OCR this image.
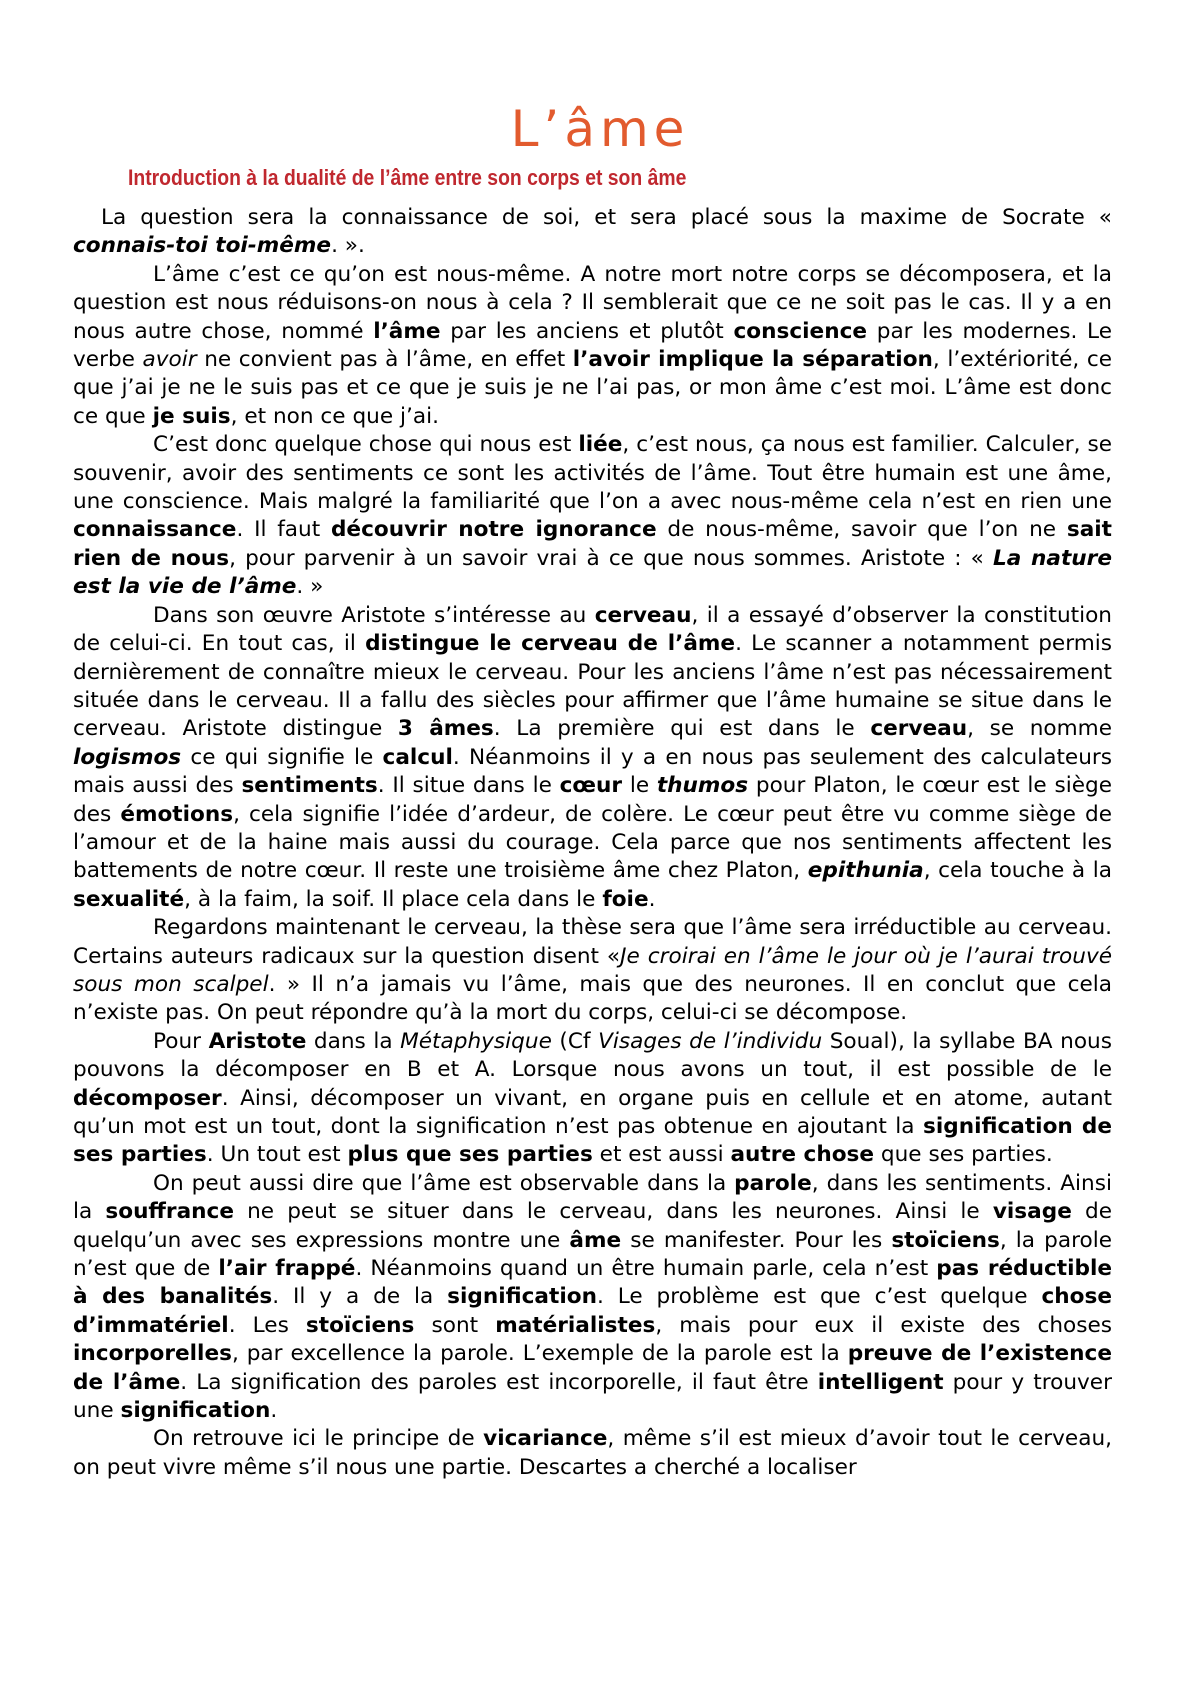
L’âme
Introduction à la dualité de l’âme entre son corps et son âme

La question sera la connaissance de soi, et sera placé sous la maxime de Socrate « connais-toi toi-même. ».

L’âme c’est ce qu’on est nous-même. A notre mort notre corps se décomposera, et la question est nous réduisons-on nous à cela ? Il semblerait que ce ne soit pas le cas. Il y a en nous autre chose, nommé l’âme par les anciens et plutôt conscience par les modernes. Le verbe avoir ne convient pas à l’âme, en effet l’avoir implique la séparation, l’extériorité, ce que j’ai je ne le suis pas et ce que je suis je ne l’ai pas, or mon âme c’est moi. L’âme est donc ce que je suis, et non ce que j’ai.

C’est donc quelque chose qui nous est liée, c’est nous, ça nous est familier. Calculer, se souvenir, avoir des sentiments ce sont les activités de l’âme. Tout être humain est une âme, une conscience. Mais malgré la familiarité que l’on a avec nous-même cela n’est en rien une connaissance. Il faut découvrir notre ignorance de nous-même, savoir que l’on ne sait rien de nous, pour parvenir à un savoir vrai à ce que nous sommes. Aristote : « La nature est la vie de l’âme. »

Dans son œuvre Aristote s’intéresse au cerveau, il a essayé d’observer la constitution de celui-ci. En tout cas, il distingue le cerveau de l’âme. Le scanner a notamment permis dernièrement de connaître mieux le cerveau. Pour les anciens l’âme n’est pas nécessairement située dans le cerveau. Il a fallu des siècles pour affirmer que l’âme humaine se situe dans le cerveau. Aristote distingue 3 âmes. La première qui est dans le cerveau, se nomme logismos ce qui signifie le calcul. Néanmoins il y a en nous pas seulement des calculateurs mais aussi des sentiments. Il situe dans le cœur le thumos pour Platon, le cœur est le siège des émotions, cela signifie l’idée d’ardeur, de colère. Le cœur peut être vu comme siège de l’amour et de la haine mais aussi du courage. Cela parce que nos sentiments affectent les battements de notre cœur. Il reste une troisième âme chez Platon, epithunia, cela touche à la sexualité, à la faim, la soif. Il place cela dans le foie.

Regardons maintenant le cerveau, la thèse sera que l’âme sera irréductible au cerveau. Certains auteurs radicaux sur la question disent «Je croirai en l’âme le jour où je l’aurai trouvé sous mon scalpel. » Il n’a jamais vu l’âme, mais que des neurones. Il en conclut que cela n’existe pas. On peut répondre qu’à la mort du corps, celui-ci se décompose.

Pour Aristote dans la Métaphysique (Cf Visages de l’individu Soual), la syllabe BA nous pouvons la décomposer en B et A. Lorsque nous avons un tout, il est possible de le décomposer. Ainsi, décomposer un vivant, en organe puis en cellule et en atome, autant qu’un mot est un tout, dont la signification n’est pas obtenue en ajoutant la signification de ses parties. Un tout est plus que ses parties et est aussi autre chose que ses parties.

On peut aussi dire que l’âme est observable dans la parole, dans les sentiments. Ainsi la souffrance ne peut se situer dans le cerveau, dans les neurones. Ainsi le visage de quelqu’un avec ses expressions montre une âme se manifester. Pour les stoïciens, la parole n’est que de l’air frappé. Néanmoins quand un être humain parle, cela n’est pas réductible à des banalités. Il y a de la signification. Le problème est que c’est quelque chose d’immatériel. Les stoïciens sont matérialistes, mais pour eux il existe des choses incorporelles, par excellence la parole. L’exemple de la parole est la preuve de l’existence de l’âme. La signification des paroles est incorporelle, il faut être intelligent pour y trouver une signification.

On retrouve ici le principe de vicariance, même s’il est mieux d’avoir tout le cerveau, on peut vivre même s’il nous une partie. Descartes a cherché a localiser
